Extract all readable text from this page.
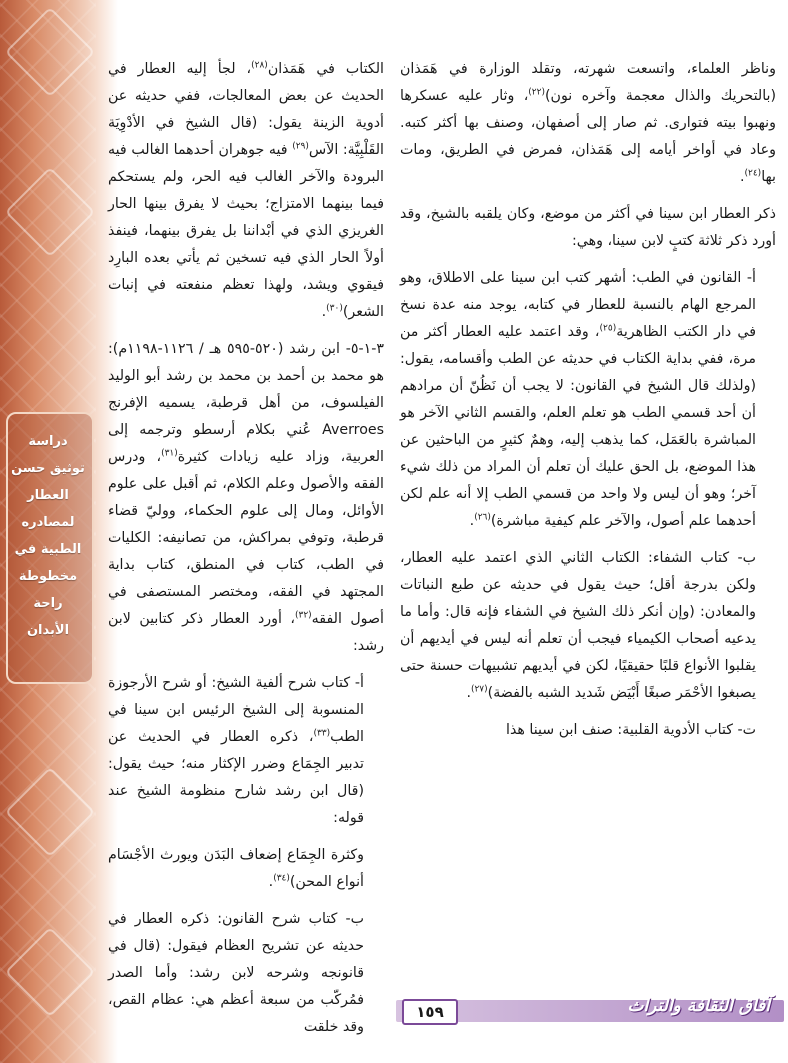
دراسة
توثيق حسن
العطار
لمصادره
الطبية في
مخطوطة
راحة
الأبدان

وناظر العلماء، واتسعت شهرته، وتقلد الوزارة في هَمَذان (بالتحريك والذال معجمة وآخره نون)$^{(٢٢)}$، وثار عليه عسكرها ونهبوا بيته فتوارى. ثم صار إلى أصفهان، وصنف بها أكثر كتبه. وعاد في أواخر أيامه إلى هَمَذان، فمرض في الطريق، ومات بها$^{(٢٤)}$.

ذكر العطار ابن سينا في أكثر من موضع، وكان يلقبه بالشيخ، وقد أورد ذكر ثلاثة كتبٍ لابن سينا، وهي:

أ- القانون في الطب: أشهر كتب ابن سينا على الاطلاق، وهو المرجع الهام بالنسبة للعطار في كتابه، يوجد منه عدة نسخ في دار الكتب الظاهرية$^{(٢٥)}$، وقد اعتمد عليه العطار أكثر من مرة، ففي بداية الكتاب في حديثه عن الطب وأقسامه، يقول: (ولذلك قال الشيخ في القانون: لا يجب أن نَظُنّ أن مرادهم أن أحد قسمي الطب هو تعلم العلم، والقسم الثاني الآخر هو المباشرة بالعَمَل، كما يذهب إليه، وهمٌ كثيرٍ من الباحثين عن هذا الموضع، بل الحق عليك أن تعلم أن المراد من ذلك شيء آخر؛ وهو أن ليس ولا واحد من قسمي الطب إلا أنه علم لكن أحدهما علم أصول، والآخر علم كيفية مباشرة)$^{(٢٦)}$.

ب- كتاب الشفاء: الكتاب الثاني الذي اعتمد عليه العطار، ولكن بدرجة أقل؛ حيث يقول في حديثه عن طبع النباتات والمعادن: (وإن أنكر ذلك الشيخ في الشفاء فإنه قال: وأما ما يدعيه أصحاب الكيمياء فيجب أن تعلم أنه ليس في أيديهم أن يقلبوا الأنواع قلبًا حقيقيًا، لكن في أيديهم تشبيهات حسنة حتى يصبغوا الأحْمَر صبغًا أَبْيَض شَديد الشبه بالفضة)$^{(٢٧)}$.

ت- كتاب الأدوية القلبية: صنف ابن سينا هذا

الكتاب في هَمَذان$^{(٢٨)}$، لجأ إليه العطار في الحديث عن بعض المعالجات، ففي حديثه عن أدوية الزينة يقول: (قال الشيخ في الأدْوِيَة القَلْبِيَّة: الآس$^{(٢٩)}$ فيه جوهران أحدهما الغالب فيه البرودة والآخر الغالب فيه الحر، ولم يستحكم فيما بينهما الامتزاج؛ بحيث لا يفرق بينها الحار الغريزي الذي في أبْداننا بل يفرق بينهما، فينفذ أولاً الحار الذي فيه تسخين ثم يأتي بعده البارِد فيقوي ويشد، ولهذا تعظم منفعته في إنبات الشعر)$^{(٣٠)}$.

٣-١-٥- ابن رشد (٥٢٠-٥٩٥ هـ / ١١٢٦-١١٩٨م): هو محمد بن أحمد بن محمد بن رشد أبو الوليد الفيلسوف، من أهل قرطبة، يسميه الإفرنج Averroes عُني بكلام أرسطو وترجمه إلى العربية، وزاد عليه زيادات كثيرة$^{(٣١)}$، ودرس الفقه والأصول وعلم الكلام، ثم أقبل على علوم الأوائل، ومال إلى علوم الحكماء، ووليّ قضاء قرطبة، وتوفي بمراكش، من تصانيفه: الكليات في الطب، كتاب في المنطق، كتاب بداية المجتهد في الفقه، ومختصر المستصفى في أصول الفقه$^{(٣٢)}$، أورد العطار ذكر كتابين لابن رشد:

أ- كتاب شرح ألفية الشيخ: أو شرح الأرجوزة المنسوبة إلى الشيخ الرئيس ابن سينا في الطب$^{(٣٣)}$، ذكره العطار في الحديث عن تدبير الجِمَاع وضرر الإكثار منه؛ حيث يقول: (قال ابن رشد شارح منظومة الشيخ عند قوله:

وكثرة الجِمَاع إضعاف البَدَن ويورث الأجْسَام أنواع المحن)$^{(٣٤)}$.

ب- كتاب شرح القانون: ذكره العطار في حديثه عن تشريح العظام فيقول: (قال في قانونجه وشرحه لابن رشد: وأما الصدر فمُركّب من سبعة أعظم هي: عظام القص، وقد خلقت

آفاق الثقافة والتراث
١٥٩
